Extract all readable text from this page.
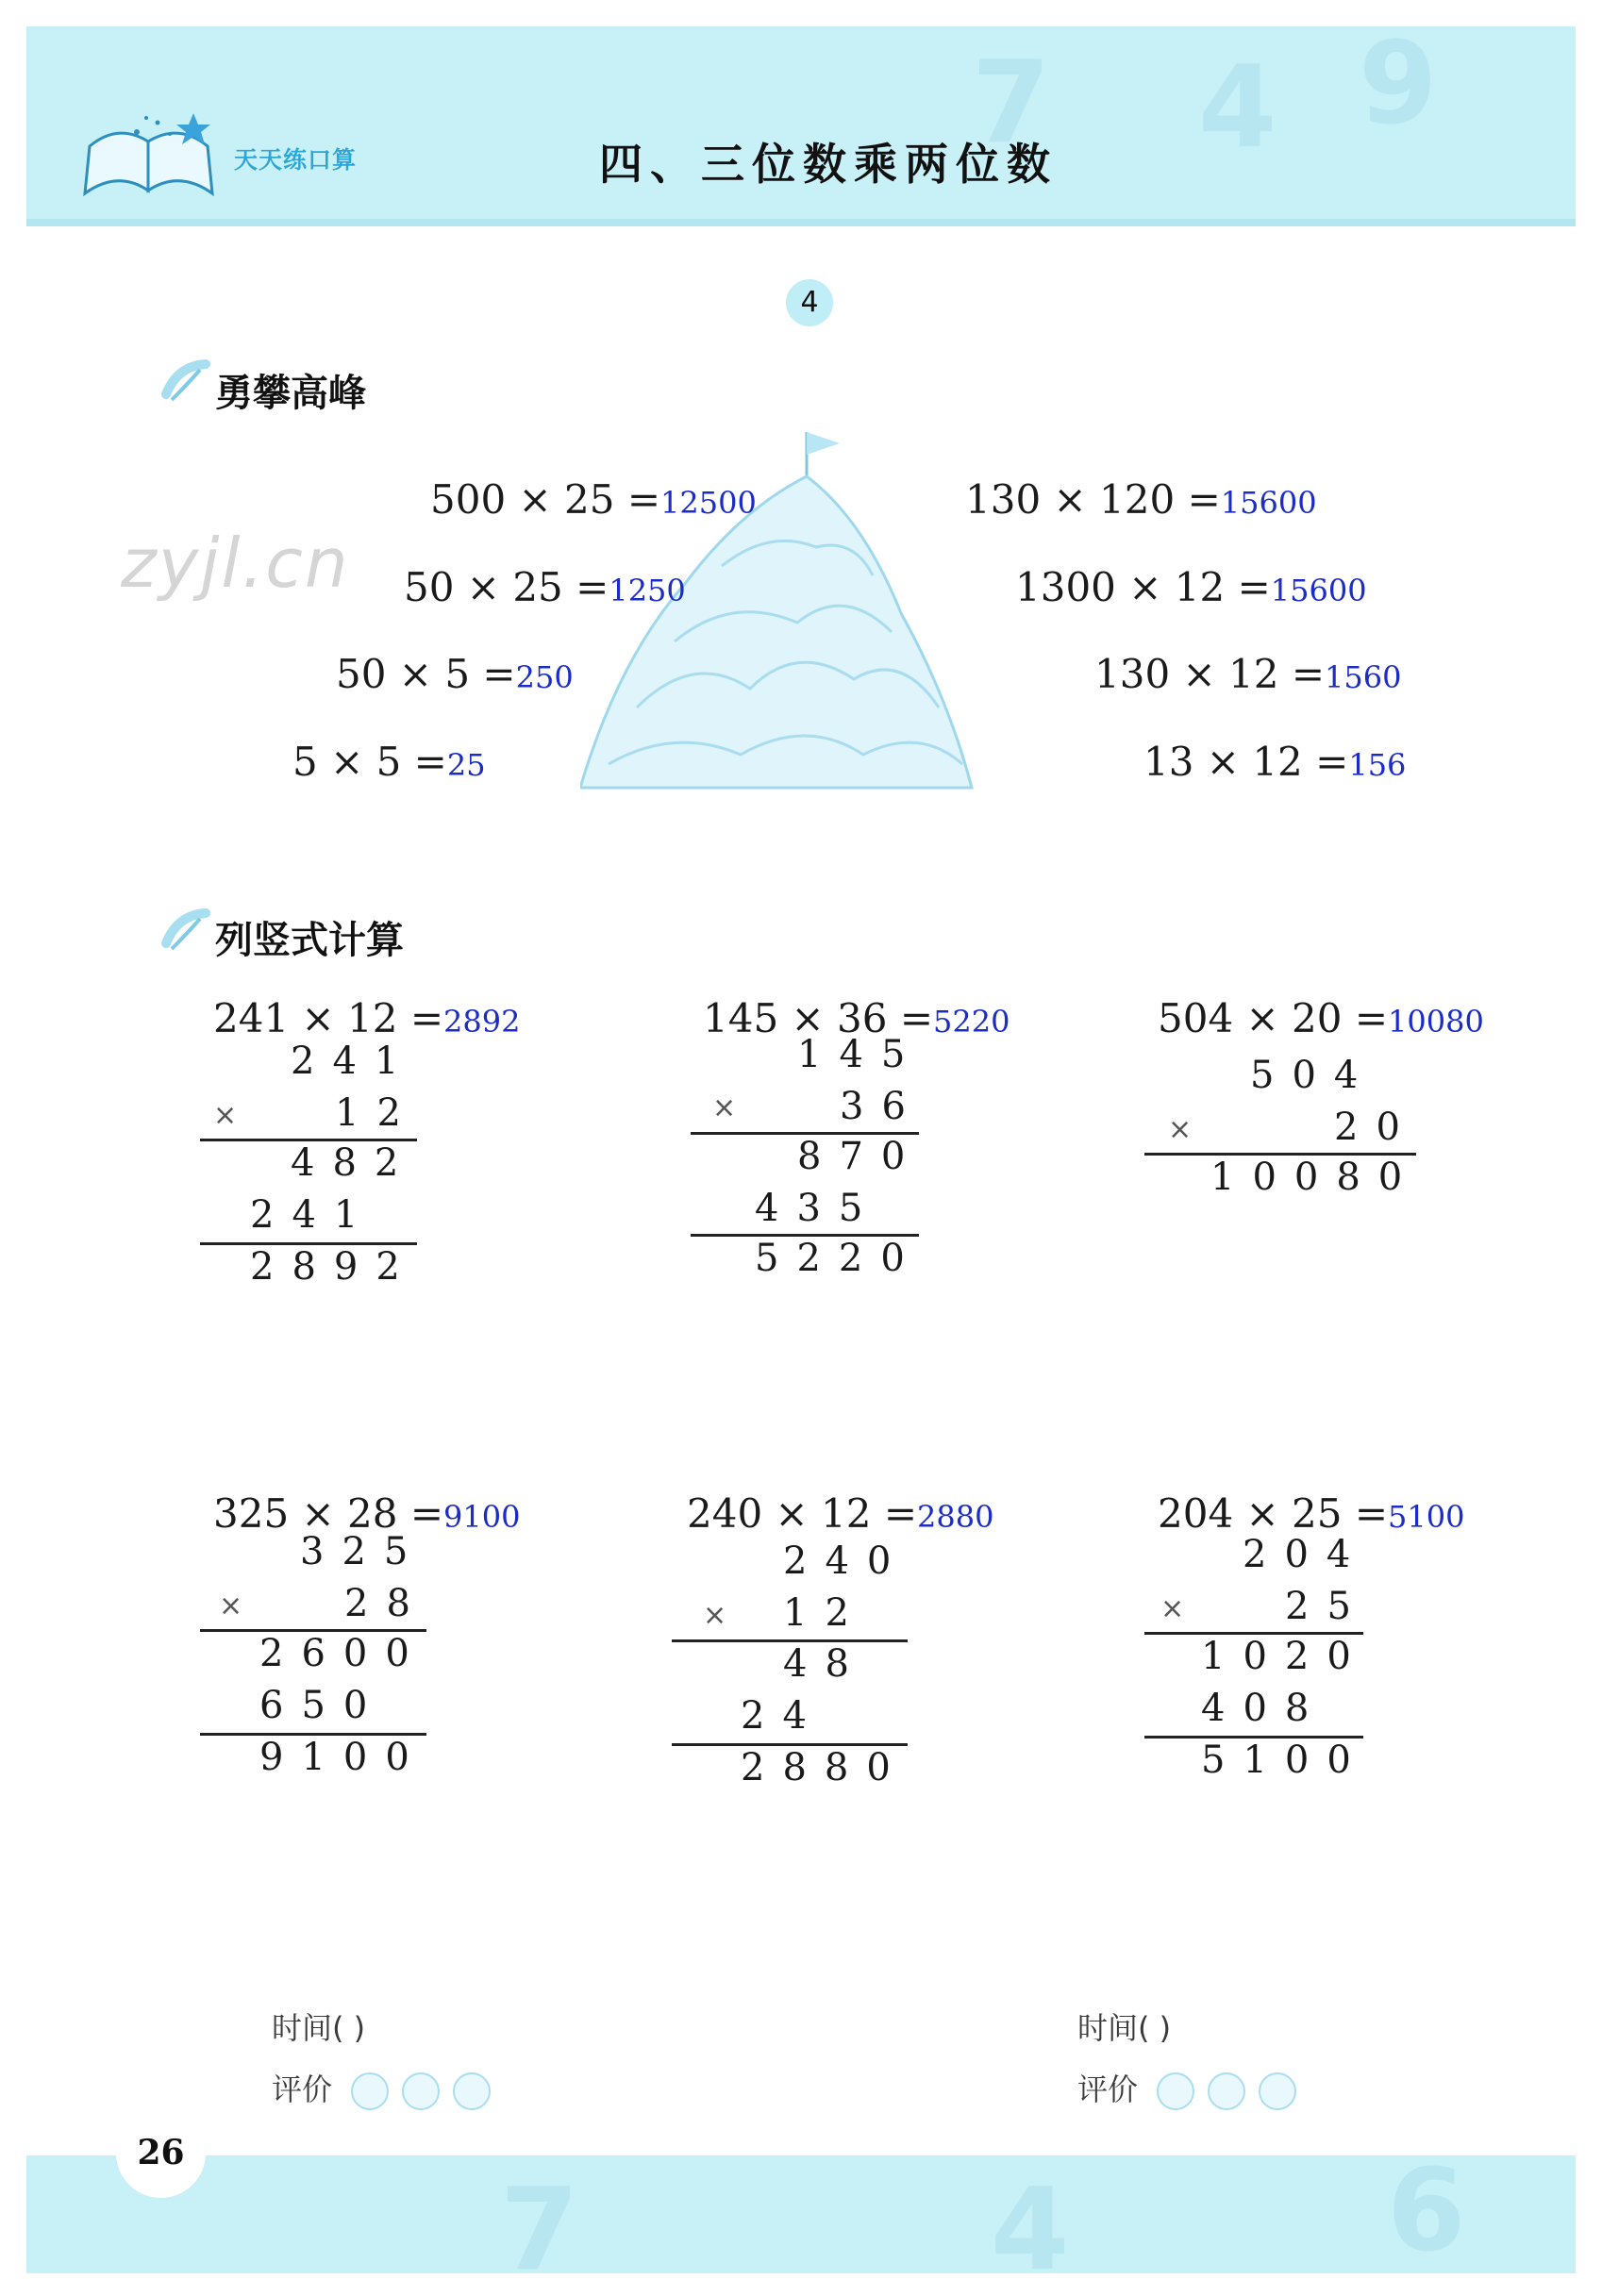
7 4 9
天天练口算	四、三位数乘两位数
4
勇攀高峰
zyjl.cn
500 × 25 =12500
50 × 25 =1250
50 × 5 =250
5 × 5 =25
130 × 120 =15600
1300 × 12 =15600
130 × 12 =1560
13 × 12 =156
列竖式计算
241 × 12 =2892
241
×	12
482
241
2892
145 × 36 =5220
145
×	36
870
435
5220
504 × 20 =10080
504
×	20
10080
325 × 28 =9100
325
×	28
2600
650
9100
240 × 12 =2880
240
× 12
48
24
2880
204 × 25 =5100
204
×	25
1020
408
5100
7	4	6
时间( )
评价
时间( )
评价
26
